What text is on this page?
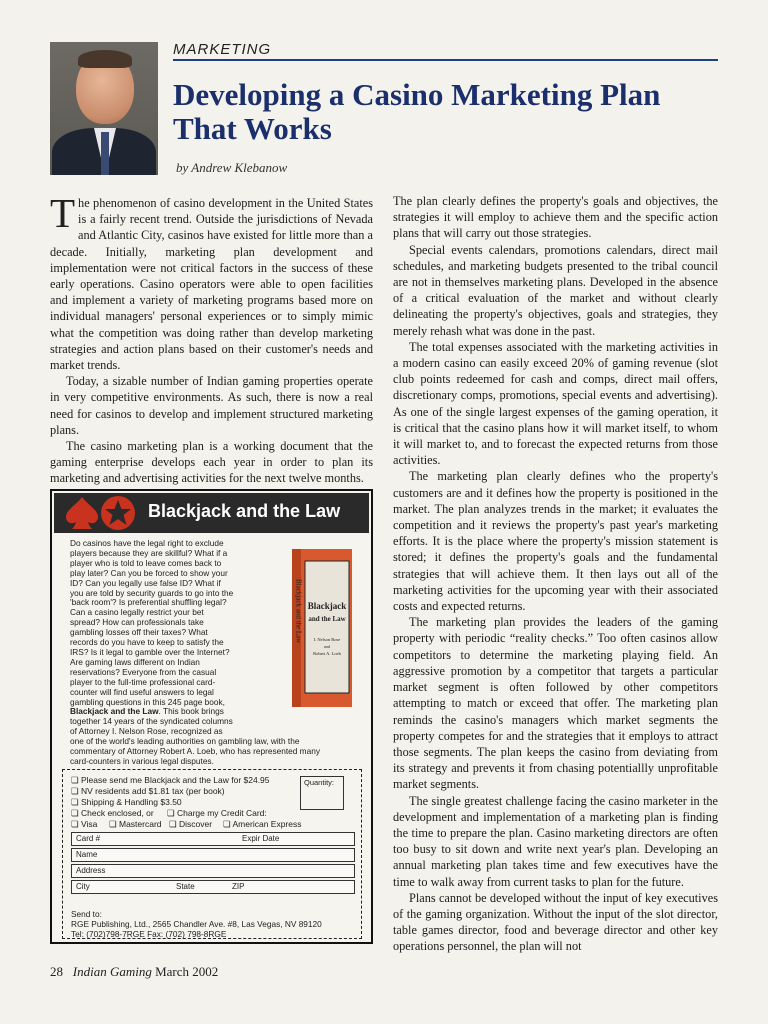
MARKETING
Developing a Casino Marketing Plan That Works
by Andrew Klebanow

The phenomenon of casino development in the United States is a fairly recent trend. Outside the jurisdictions of Nevada and Atlantic City, casinos have existed for little more than a decade. Initially, marketing plan development and implementation were not critical factors in the success of these early operations. Casino operators were able to open facilities and implement a variety of marketing programs based more on individual managers' personal experiences or to simply mimic what the competition was doing rather than develop marketing strategies and action plans based on their customer's needs and market trends.

Today, a sizable number of Indian gaming properties operate in very competitive environments. As such, there is now a real need for casinos to develop and implement structured marketing plans.

The casino marketing plan is a working document that the gaming enterprise develops each year in order to plan its marketing and advertising activities for the next twelve months.

The plan clearly defines the property's goals and objectives, the strategies it will employ to achieve them and the specific action plans that will carry out those strategies.

Special events calendars, promotions calendars, direct mail schedules, and marketing budgets presented to the tribal council are not in themselves marketing plans. Developed in the absence of a critical evaluation of the market and without clearly delineating the property's objectives, goals and strategies, they merely rehash what was done in the past.

The total expenses associated with the marketing activities in a modern casino can easily exceed 20% of gaming revenue (slot club points redeemed for cash and comps, direct mail offers, discretionary comps, promotions, special events and advertising). As one of the single largest expenses of the gaming operation, it is critical that the casino plans how it will market itself, to whom it will market to, and to forecast the expected returns from those activities.

The marketing plan clearly defines who the property's customers are and it defines how the property is positioned in the market. The plan analyzes trends in the market; it evaluates the competition and it reviews the property's past year's marketing efforts. It is the place where the property's mission statement is stored; it defines the property's goals and the fundamental strategies that will achieve them. It then lays out all of the marketing activities for the upcoming year with their associated costs and expected returns.

The marketing plan provides the leaders of the gaming property with periodic “reality checks.” Too often casinos allow competitors to determine the marketing playing field. An aggressive promotion by a competitor that targets a particular market segment is often followed by other competitors attempting to match or exceed that offer. The marketing plan reminds the casino's managers which market segments the property competes for and the strategies that it employs to attract those segments. The plan keeps the casino from deviating from its strategy and prevents it from chasing potentiallly unprofitable market segments.

The single greatest challenge facing the casino marketer in the development and implementation of a marketing plan is finding the time to prepare the plan. Casino marketing directors are often too busy to sit down and write next year's plan. Developing an annual marketing plan takes time and few executives have the time to walk away from current tasks to plan for the future.

Plans cannot be developed without the input of key executives of the gaming organization. Without the input of the slot director, table games director, food and beverage director and other key operations personnel, the plan will not

Blackjack and the Law
Do casinos have the legal right to exclude
players because they are skillful? What if a
player who is told to leave comes back to
play later? Can you be forced to show your
ID? Can you legally use false ID? What if
you are told by security guards to go into the
'back room'? Is preferential shuffling legal?
Can a casino legally restrict your bet
spread? How can professionals take
gambling losses off their taxes? What
records do you have to keep to satisfy the
IRS? Is it legal to gamble over the Internet?
Are gaming laws different on Indian
reservations? Everyone from the casual
player to the full-time professional card-
counter will find useful answers to legal
gambling questions in this 245 page book,
Blackjack and the Law. This book brings
together 14 years of the syndicated columns
of Attorney I. Nelson Rose, recognized as
one of the world's leading authorities on gambling law, with the
commentary of Attorney Robert A. Loeb, who has represented many
card-counters in various legal disputes.
Blackjack and the Law Blackjack
and the Law
I. Nelson Rose
and
Robert A. Loeb
❏ Please send me Blackjack and the Law for $24.95
❏ NV residents add $1.81 tax (per book)
❏ Shipping & Handling $3.50
❏ Check enclosed, or ❏ Charge my Credit Card:
❏ Visa ❏ Mastercard ❏ Discover ❏ American Express
Quantity:
Card #	Expir Date
Name
Address
City	State	ZIP
Send to:
RGE Publishing, Ltd., 2565 Chandler Ave. #8, Las Vegas, NV 89120
Tel: (702)798-7RGE Fax: (702) 798-8RGE
28 Indian Gaming March 2002
